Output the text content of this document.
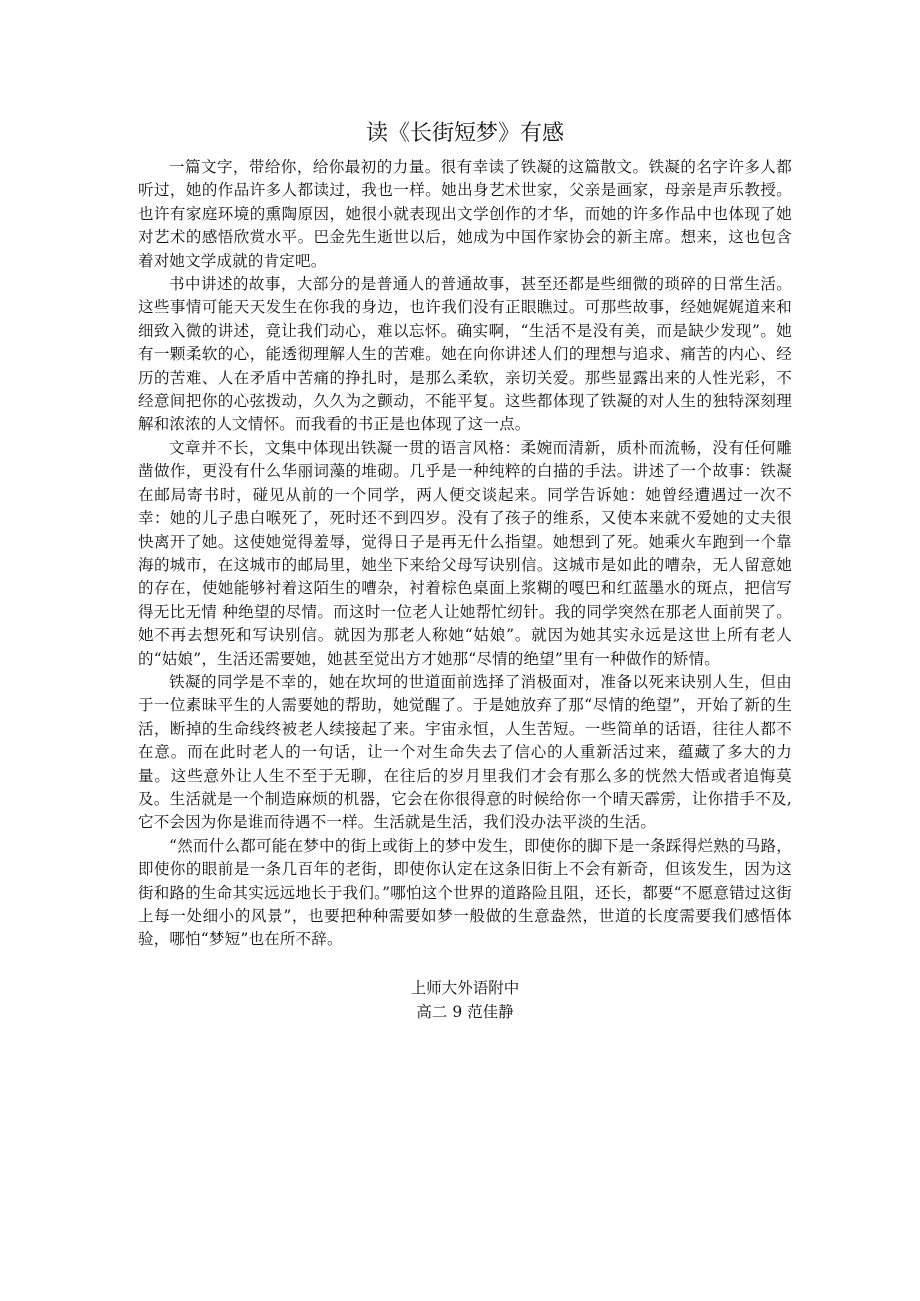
读《长街短梦》有感

一篇文字，带给你，给你最初的力量。很有幸读了铁凝的这篇散文。铁凝的名字许多人都听过，她的作品许多人都读过，我也一样。她出身艺术世家，父亲是画家，母亲是声乐教授。也许有家庭环境的熏陶原因，她很小就表现出文学创作的才华，而她的许多作品中也体现了她对艺术的感悟欣赏水平。巴金先生逝世以后，她成为中国作家协会的新主席。想来，这也包含着对她文学成就的肯定吧。

书中讲述的故事，大部分的是普通人的普通故事，甚至还都是些细微的琐碎的日常生活。这些事情可能天天发生在你我的身边，也许我们没有正眼瞧过。可那些故事，经她娓娓道来和细致入微的讲述，竟让我们动心，难以忘怀。确实啊，“生活不是没有美，而是缺少发现”。她有一颗柔软的心，能透彻理解人生的苦难。她在向你讲述人们的理想与追求、痛苦的内心、经历的苦难、人在矛盾中苦痛的挣扎时，是那么柔软，亲切关爱。那些显露出来的人性光彩，不经意间把你的心弦拨动，久久为之颤动，不能平复。这些都体现了铁凝的对人生的独特深刻理解和浓浓的人文情怀。而我看的书正是也体现了这一点。

文章并不长，文集中体现出铁凝一贯的语言风格：柔婉而清新，质朴而流畅，没有任何雕凿做作，更没有什么华丽词藻的堆砌。几乎是一种纯粹的白描的手法。讲述了一个故事：铁凝在邮局寄书时，碰见从前的一个同学，两人便交谈起来。同学告诉她：她曾经遭遇过一次不幸：她的儿子患白喉死了，死时还不到四岁。没有了孩子的维系，又使本来就不爱她的丈夫很快离开了她。这使她觉得羞辱，觉得日子是再无什么指望。她想到了死。她乘火车跑到一个靠海的城市，在这城市的邮局里，她坐下来给父母写诀别信。这城市是如此的嘈杂，无人留意她的存在，使她能够衬着这陌生的嘈杂，衬着棕色桌面上浆糊的嘎巴和红蓝墨水的斑点，把信写得无比无情 种绝望的尽情。而这时一位老人让她帮忙纫针。我的同学突然在那老人面前哭了。她不再去想死和写诀别信。就因为那老人称她“姑娘”。就因为她其实永远是这世上所有老人的“姑娘”，生活还需要她，她甚至觉出方才她那“尽情的绝望”里有一种做作的矫情。

铁凝的同学是不幸的，她在坎坷的世道面前选择了消极面对，准备以死来诀别人生，但由于一位素昧平生的人需要她的帮助，她觉醒了。于是她放弃了那“尽情的绝望”，开始了新的生活，断掉的生命线终被老人续接起了来。宇宙永恒，人生苦短。一些简单的话语，往往人都不在意。而在此时老人的一句话，让一个对生命失去了信心的人重新活过来，蕴藏了多大的力量。这些意外让人生不至于无聊，在往后的岁月里我们才会有那么多的恍然大悟或者追悔莫及。生活就是一个制造麻烦的机器，它会在你很得意的时候给你一个晴天霹雳，让你措手不及,它不会因为你是谁而待遇不一样。生活就是生活，我们没办法平淡的生活。

“然而什么都可能在梦中的街上或街上的梦中发生，即使你的脚下是一条踩得烂熟的马路，即使你的眼前是一条几百年的老街，即使你认定在这条旧街上不会有新奇，但该发生，因为这街和路的生命其实远远地长于我们。”哪怕这个世界的道路险且阻，还长，都要“不愿意错过这街上每一处细小的风景”，也要把种种需要如梦一般做的生意盎然，世道的长度需要我们感悟体验，哪怕“梦短”也在所不辞。

上师大外语附中
高二 9 范佳静
